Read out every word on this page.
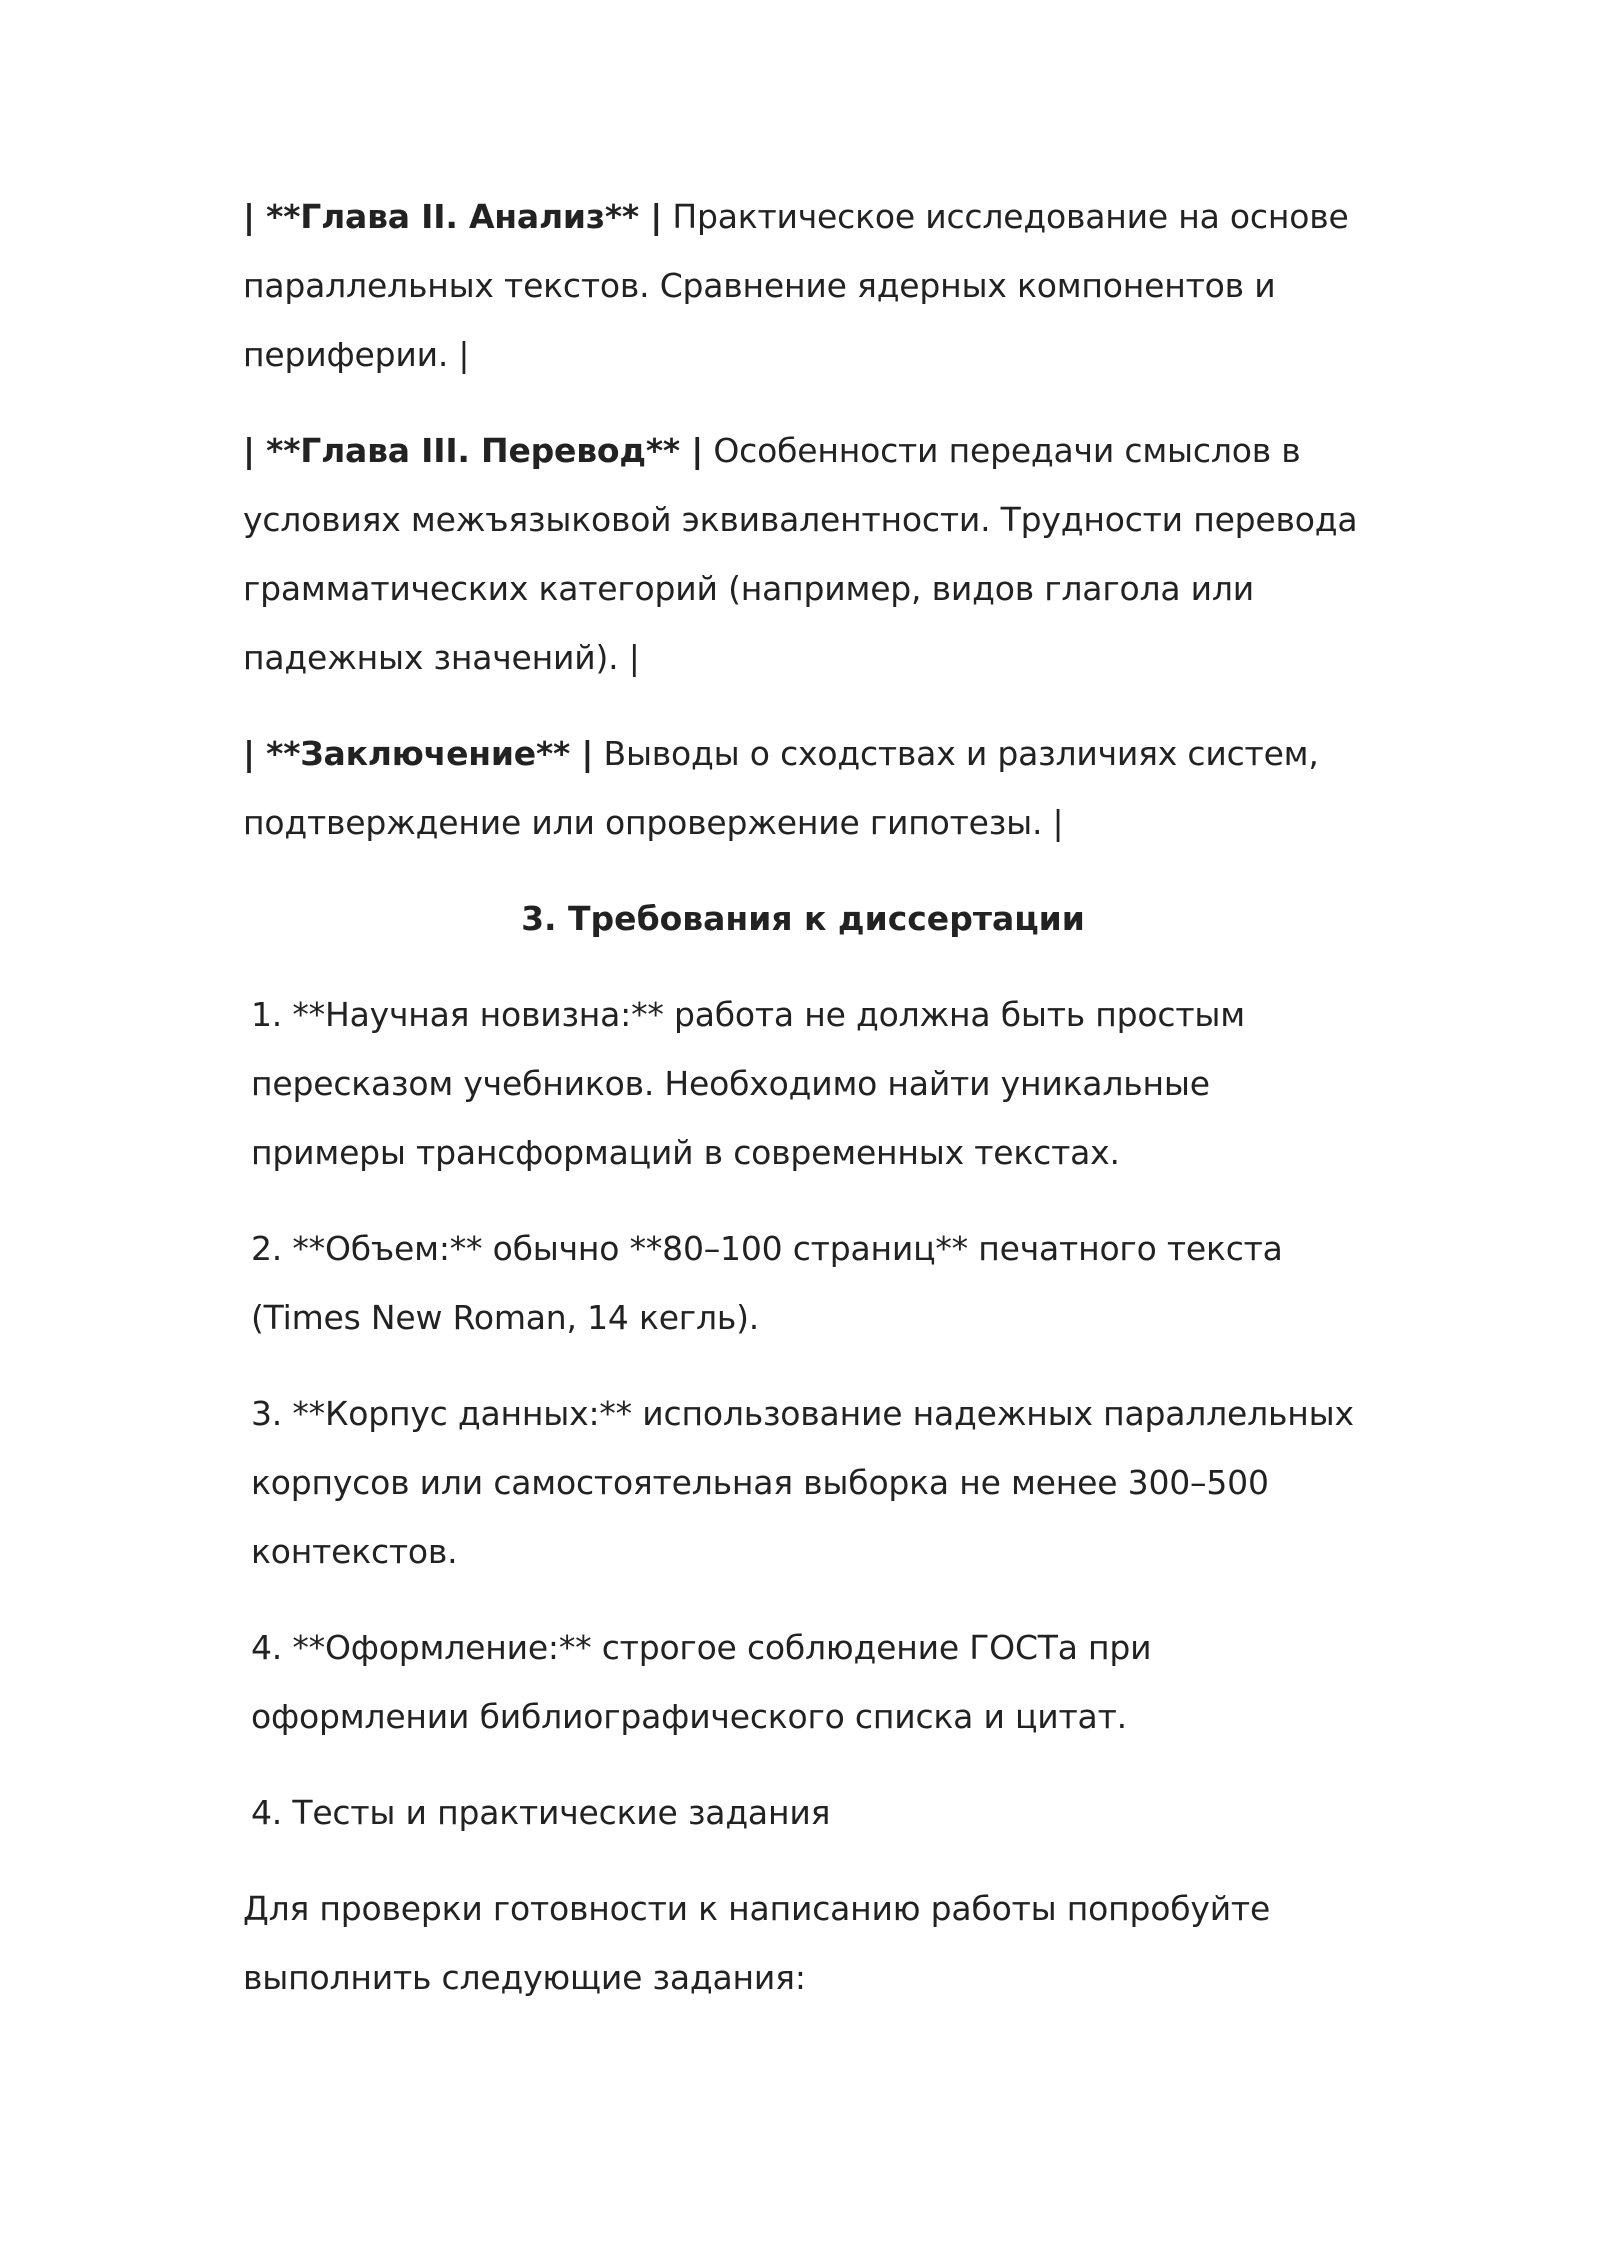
| **Глава II. Анализ** | Практическое исследование на основе параллельных текстов. Сравнение ядерных компонентов и периферии. |

| **Глава III. Перевод** | Особенности передачи смыслов в условиях межъязыковой эквивалентности. Трудности перевода грамматических категорий (например, видов глагола или падежных значений). |

| **Заключение** | Выводы о сходствах и различиях систем, подтверждение или опровержение гипотезы. |

3. Требования к диссертации

1. **Научная новизна:** работа не должна быть простым пересказом учебников. Необходимо найти уникальные примеры трансформаций в современных текстах.

2. **Объем:** обычно **80–100 страниц** печатного текста (Times New Roman, 14 кегль).

3. **Корпус данных:** использование надежных параллельных корпусов или самостоятельная выборка не менее 300–500 контекстов.

4. **Оформление:** строгое соблюдение ГОСТа при оформлении библиографического списка и цитат.

4. Тесты и практические задания

Для проверки готовности к написанию работы попробуйте выполнить следующие задания:
